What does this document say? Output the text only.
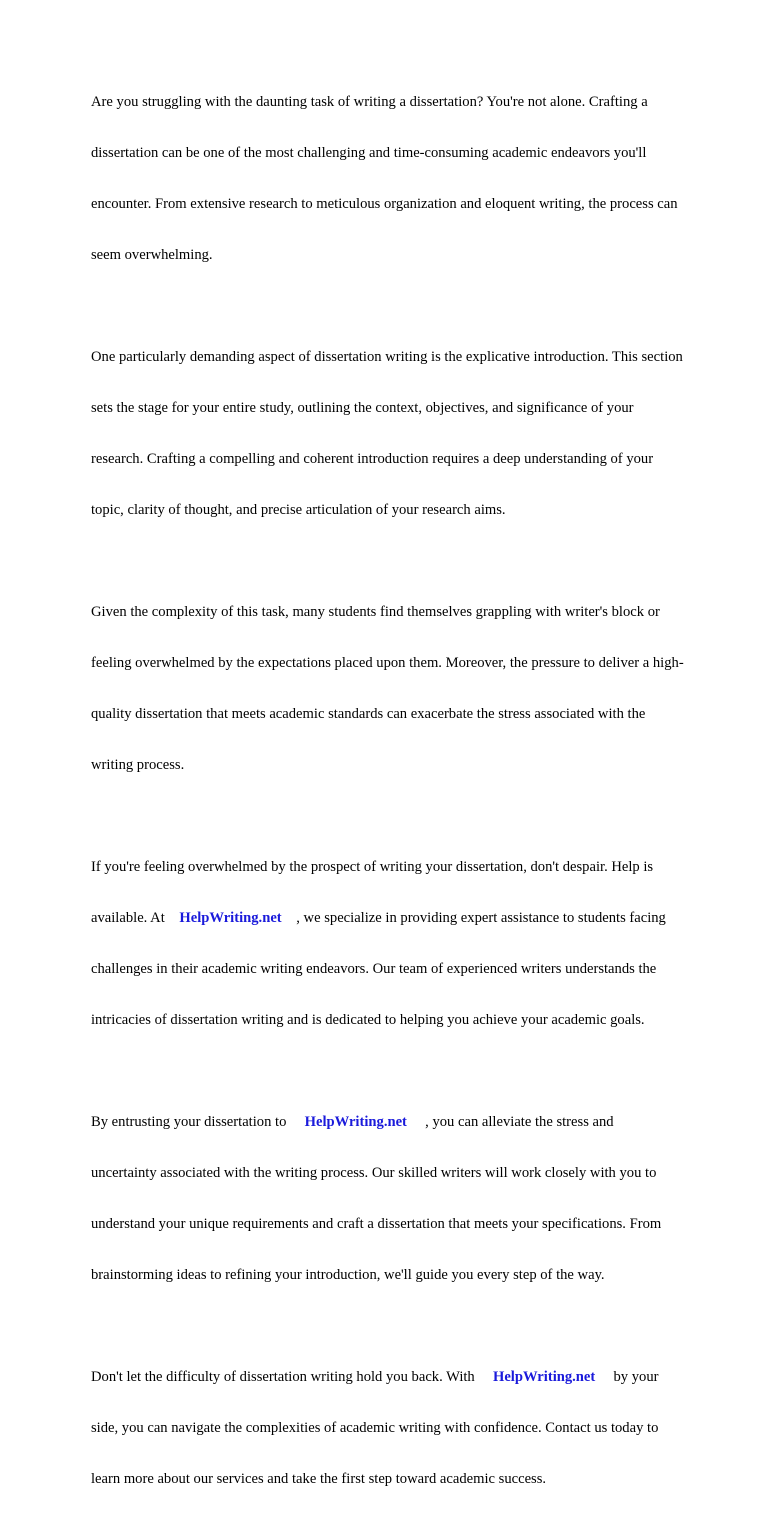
Are you struggling with the daunting task of writing a dissertation? You're not alone. Crafting a

dissertation can be one of the most challenging and time-consuming academic endeavors you'll

encounter. From extensive research to meticulous organization and eloquent writing, the process can

seem overwhelming.

One particularly demanding aspect of dissertation writing is the explicative introduction. This section

sets the stage for your entire study, outlining the context, objectives, and significance of your

research. Crafting a compelling and coherent introduction requires a deep understanding of your

topic, clarity of thought, and precise articulation of your research aims.

Given the complexity of this task, many students find themselves grappling with writer's block or

feeling overwhelmed by the expectations placed upon them. Moreover, the pressure to deliver a high-

quality dissertation that meets academic standards can exacerbate the stress associated with the

writing process.

If you're feeling overwhelmed by the prospect of writing your dissertation, don't despair. Help is

available. At    HelpWriting.net    , we specialize in providing expert assistance to students facing

challenges in their academic writing endeavors. Our team of experienced writers understands the

intricacies of dissertation writing and is dedicated to helping you achieve your academic goals.

By entrusting your dissertation to     HelpWriting.net     , you can alleviate the stress and

uncertainty associated with the writing process. Our skilled writers will work closely with you to

understand your unique requirements and craft a dissertation that meets your specifications. From

brainstorming ideas to refining your introduction, we'll guide you every step of the way.

Don't let the difficulty of dissertation writing hold you back. With     HelpWriting.net     by your

side, you can navigate the complexities of academic writing with confidence. Contact us today to

learn more about our services and take the first step toward academic success.
